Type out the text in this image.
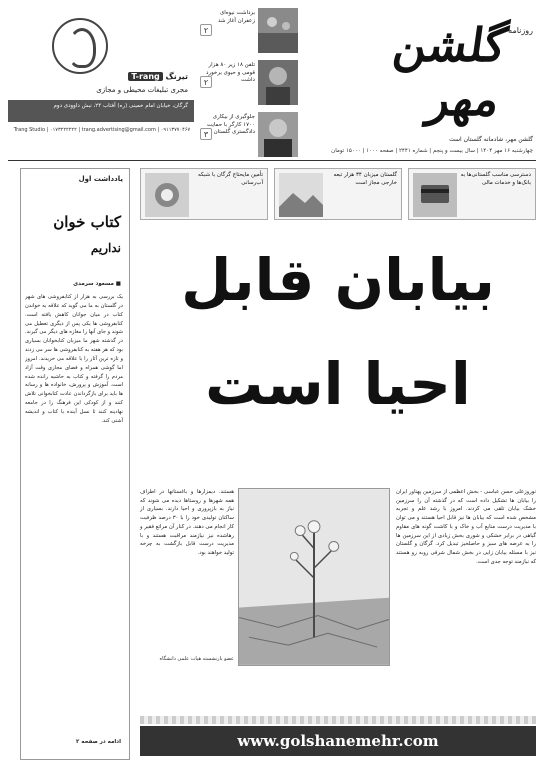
روزنامه
گلشن مهر
گلشن مهر، شادمانه گلستان است
چهارشنبه ۱۶ مهر ۱۴۰۴ | سال بیست و پنجم | شماره ۲۴۴۱ | صفحه ۱۰۰۰ | ۱۵۰۰۰ تومان
۲
برداشت نیوه‌ای زعفران آغاز شد
۲
تلفن ۱۸ زیر ۸۰ هزار قومی و حیوی برخورد داشت
۳
جلوگیری از بیکاری ۱۷۰۰ کارگر با حمایت دادگستری گلستان
تیرنگ T-rang
مجری تبلیغات محیطی و مجازی
گرگان، خیابان امام خمینی (ره) آفتاب ۲۴، نبش داوودی دوم
۰۹۱۱۳۷۷۰۴۶۷ | Trang Studio | ۰۱۷۳۲۲۲۲۲۲ | trang.advertising@gmail.com
تأمین مایحتاج گرگان با شبکه آب‌رسانی
گلستان میزبان ۳۴ هزار تبعه خارجی مجاز است
دسترسی مناسب گلستانی‌ها به بانک‌ها و خدمات مالی
بیابان قابل
احیا است
نوروزعلی حسن عباسی - بخش اعظمی از سرزمین پهناور ایران را بیابان ها تشکیل داده است که در گذشته آن را سرزمین خشک بیابان تلقی می کردند. امروز با رشد علم و تجربه مشخص شده است که بیابان ها نیز قابل احیا هستند و می توان با مدیریت درست منابع آب و خاک و با کاشت گونه های مقاوم گیاهی در برابر خشکی و شوری بخش زیادی از این سرزمین ها را به عرصه های سبز و حاصلخیز تبدیل کرد. گرگان و گلستان نیز با مسئله بیابان زایی در بخش شمال شرقی روبه رو هستند که نیازمند توجه جدی است.
هستند. دیمزارها و باغستانها در اطراف همه شهرها و روستاها دیده می شوند که نیاز به بازپروری و احیا دارند. بسیاری از ساکنان تولیدی خود را با ۳۰ درصد ظرفیت کار انجام می دهند. در کنار آن مراتع فقیر و رهاشده نیز نیازمند مراقبت هستند و با مدیریت درست قابل بازگشت به چرخه تولید خواهند بود.
عضو بازنشسته هیات علمی دانشگاه
یادداشت اول
کتاب خوان
نداریم
■ مسعود سرمدی
یک بررسی به هزار از کتابفروشی های شهر در گلستان به ما می گوید که علاقه به خواندن کتاب در میان جوانان کاهش یافته است. کتابفروشی ها یکی پس از دیگری تعطیل می شوند و جای آنها را مغازه های دیگر می گیرند. در گذشته شهر ما میزبان کتابخوانان بسیاری بود که هر هفته به کتابفروشی ها سر می زدند و تازه ترین آثار را با علاقه می خریدند. امروز اما گوشی همراه و فضای مجازی وقت آزاد مردم را گرفته و کتاب به حاشیه رانده شده است. آموزش و پرورش، خانواده ها و رسانه ها باید برای بازگرداندن عادت کتابخوانی تلاش کنند و از کودکی این فرهنگ را در جامعه نهادینه کنند تا نسل آینده با کتاب و اندیشه آشتی کند.
ادامه در صفحه ۲	www.golshanemehr.com
